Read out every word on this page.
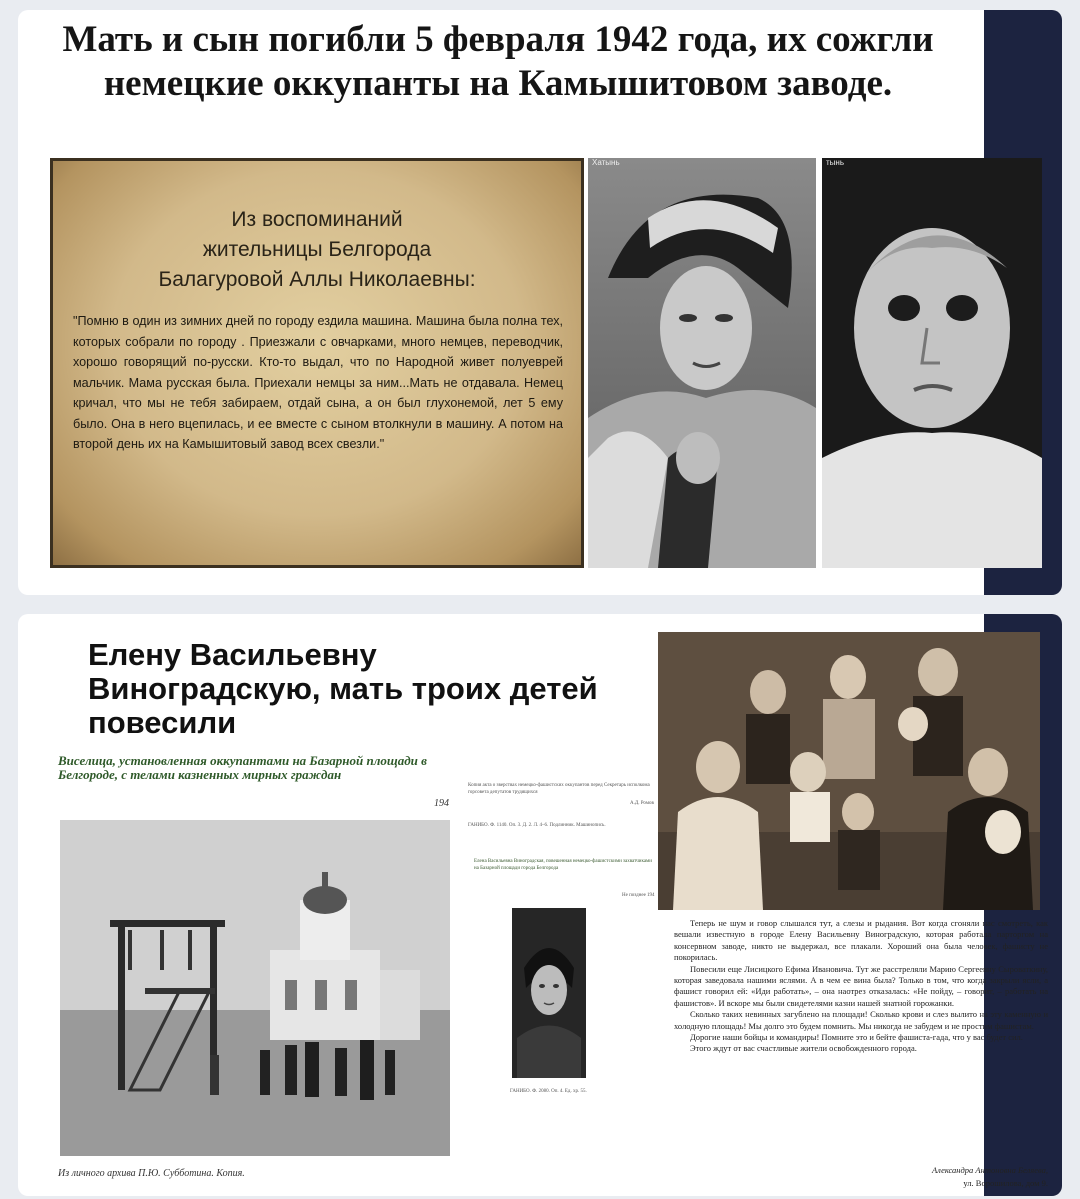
Мать и сын погибли 5 февраля 1942 года, их сожгли немецкие оккупанты на Камышитовом заводе.
Из воспоминаний
жительницы Белгорода
Балагуровой Аллы Николаевны:
"Помню в один из зимних дней по городу ездила машина. Машина была полна тех, которых собрали по городу . Приезжали с овчарками, много немцев, переводчик, хорошо говорящий по-русски. Кто-то выдал, что по Народной живет полуеврей мальчик. Мама русская была. Приехали немцы за ним...Мать не отдавала. Немец кричал, что мы не тебя забираем, отдай сына, а он был глухонемой, лет 5 ему было. Она в него вцепилась, и ее вместе с сыном втолкнули в машину. А потом на второй день их на Камышитовый завод всех свезли."
Хатынь	тынь
Елену Васильевну Виноградскую, мать троих детей повесили
Виселица, установленная оккупантами на Базарной площади в Белгороде, с телами казненных мирных граждан
194
Из личного архива П.Ю. Субботина. Копия.
Копия акта о зверствах немецко-фашистских оккупантов перед Секретарь исполкома горсовета депутатов трудящихся
А.Д. Ромов
ГАНИБО. Ф. 1140. Оп. 3. Д. 2. Л. 4–6. Подлинник. Машинопись.
Елена Васильевна Виноградская, повешенная немецко-фашистскими захватчиками на Базарной площади города Белгорода
Не позднее 194
ГАНИБО. Ф. 2080. Оп. 4. Ед. хр. 55.

Теперь не шум и говор слышался тут, а слезы и рыдания. Вот когда сгоняли нас смотреть, как вешали известную в городе Елену Васильевну Виноградскую, которая работала парторгом на консервном заводе, никто не выдержал, все плакали. Хороший она была человек, фашисту не покорилась.

Повесили еще Лисицкого Ефима Ивановича. Тут же расстреляли Марию Сергеевну Сыроваткину, которая заведовала нашими яслями. А в чем ее вина была? Только в том, что когда закрыли ясли, а фашист говорил ей: «Иди работать», – она наотрез отказалась: «Не пойду, – говорит, – работать на фашистов». И вскоре мы были свидетелями казни нашей знатной горожанки.

Сколько таких невинных загублено на площади! Сколько крови и слез вылито на эту каменную и холодную площадь! Мы долго это будем помнить. Мы никогда не забудем и не простим фашистам.

Дорогие наши бойцы и командиры! Помните это и бейте фашиста-гада, что у вас будет сил.

Этого ждут от вас счастливые жители освобожденного города.

Александра Антоновна Беляева,
ул. Ворошилова, дом 9.
